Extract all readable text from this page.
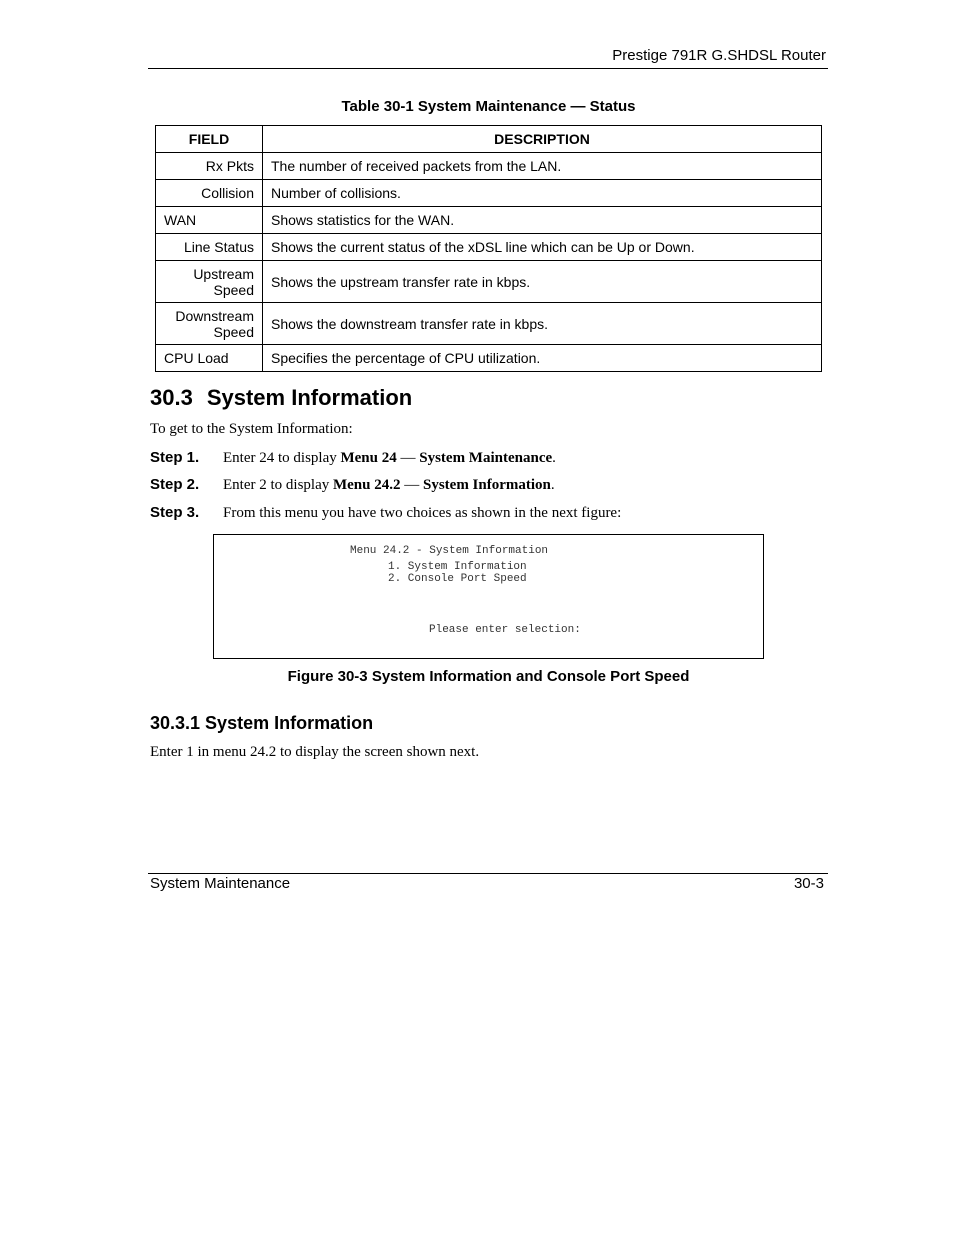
Prestige 791R G.SHDSL Router
Table 30-1 System Maintenance — Status
FIELD	DESCRIPTION
Rx Pkts	The number of received packets from the LAN.
Collision	Number of collisions.
WAN	Shows statistics for the WAN.
Line Status	Shows the current status of the xDSL line which can be Up or Down.

Upstream
Speed	Shows the upstream transfer rate in kbps.

Downstream
Speed	Shows the downstream transfer rate in kbps.
CPU Load	Specifies the percentage of CPU utilization.
30.3 System Information
To get to the System Information:
Step 1. Enter 24 to display Menu 24 — System Maintenance.
Step 2. Enter 2 to display Menu 24.2 — System Information.
Step 3. From this menu you have two choices as shown in the next figure:
Menu 24.2 - System Information
1. System Information
2. Console Port Speed
Please enter selection:
Figure 30-3 System Information and Console Port Speed
30.3.1 System Information
Enter 1 in menu 24.2 to display the screen shown next.
System Maintenance	30-3
